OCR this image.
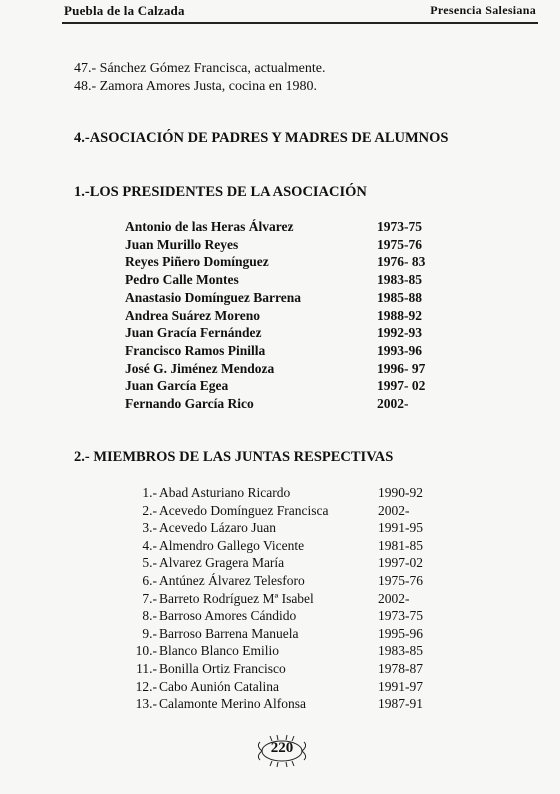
Puebla de la Calzada	Presencia Salesiana
47.- Sánchez Gómez Francisca, actualmente.
48.- Zamora Amores Justa, cocina en 1980.
4.-ASOCIACIÓN DE PADRES Y MADRES DE ALUMNOS
1.-LOS PRESIDENTES DE LA ASOCIACIÓN
Antonio de las Heras Álvarez	1973-75
Juan Murillo Reyes	1975-76
Reyes Piñero Domínguez	1976- 83
Pedro Calle Montes	1983-85
Anastasio Domínguez Barrena	1985-88
Andrea Suárez Moreno	1988-92
Juan Gracía Fernández	1992-93
Francisco Ramos Pinilla	1993-96
José G. Jiménez Mendoza	1996- 97
Juan García Egea	1997- 02
Fernando García Rico	2002-
2.- MIEMBROS DE LAS JUNTAS RESPECTIVAS
1.- Abad Asturiano Ricardo	1990-92
2.- Acevedo Domínguez Francisca	2002-
3.- Acevedo Lázaro Juan	1991-95
4.- Almendro Gallego Vicente	1981-85
5.- Alvarez Gragera María	1997-02
6.- Antúnez Álvarez Telesforo	1975-76
7.- Barreto Rodríguez Mª Isabel	2002-
8.- Barroso Amores Cándido	1973-75
9.- Barroso Barrena Manuela	1995-96
10.- Blanco Blanco Emilio	1983-85
11.- Bonilla Ortiz Francisco	1978-87
12.- Cabo Aunión Catalina	1991-97
13.- Calamonte Merino Alfonsa	1987-91
220
